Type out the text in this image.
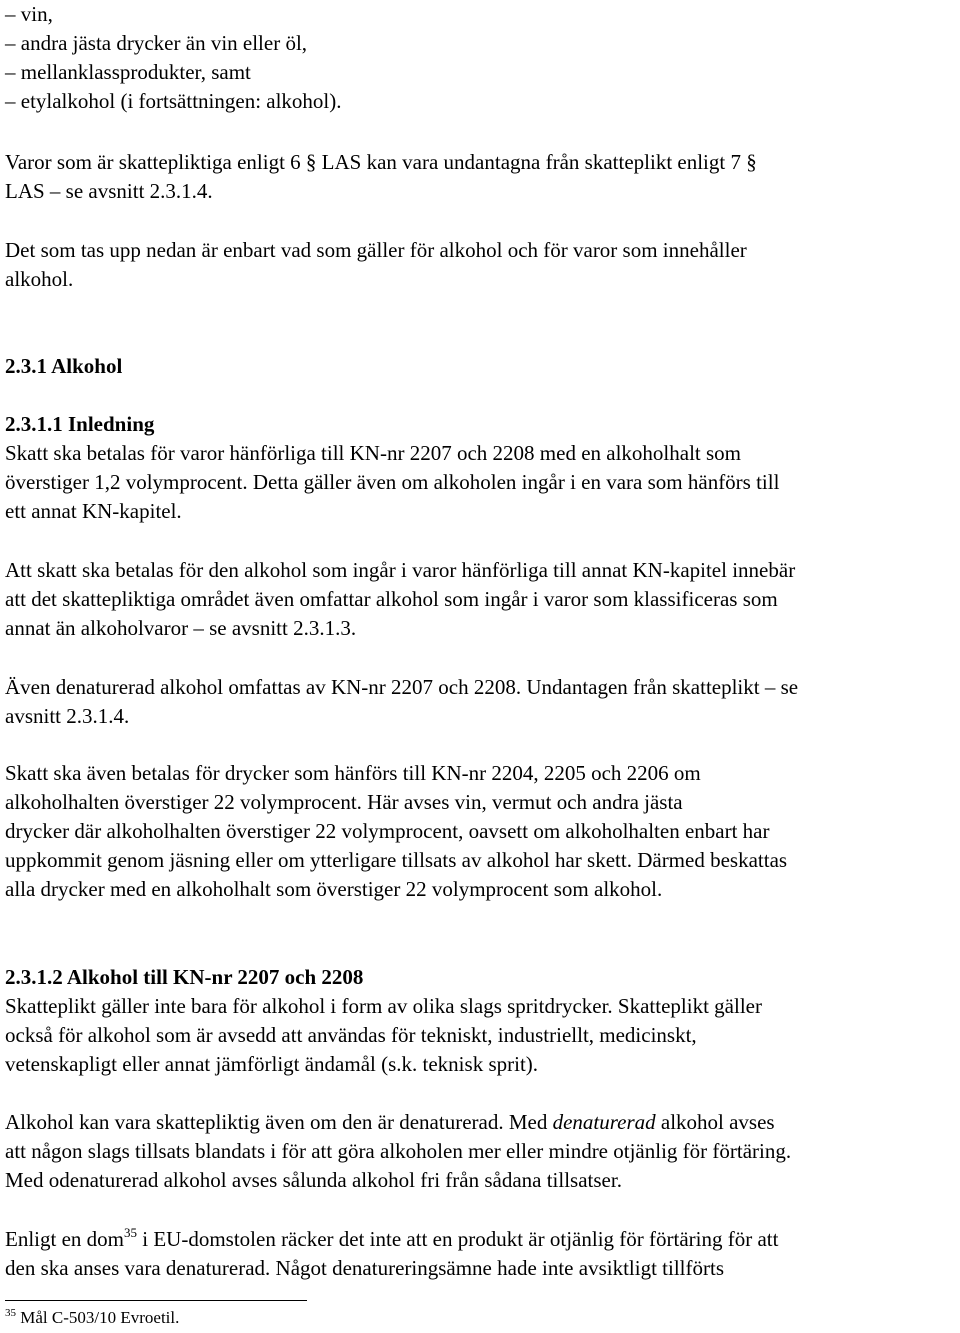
– vin,

– andra jästa drycker än vin eller öl,

– mellanklassprodukter, samt

– etylalkohol (i fortsättningen: alkohol).

Varor som är skattepliktiga enligt 6 § LAS kan vara undantagna från skatteplikt enligt 7 §

LAS – se avsnitt 2.3.1.4.

Det som tas upp nedan är enbart vad som gäller för alkohol och för varor som innehåller

alkohol.

2.3.1 Alkohol

2.3.1.1 Inledning

Skatt ska betalas för varor hänförliga till KN-nr 2207 och 2208 med en alkoholhalt som

överstiger 1,2 volymprocent. Detta gäller även om alkoholen ingår i en vara som hänförs till

ett annat KN-kapitel.

Att skatt ska betalas för den alkohol som ingår i varor hänförliga till annat KN-kapitel innebär

att det skattepliktiga området även omfattar alkohol som ingår i varor som klassificeras som

annat än alkoholvaror – se avsnitt 2.3.1.3.

Även denaturerad alkohol omfattas av KN-nr 2207 och 2208. Undantagen från skatteplikt – se

avsnitt 2.3.1.4.

Skatt ska även betalas för drycker som hänförs till KN-nr 2204, 2205 och 2206 om

alkoholhalten överstiger 22 volymprocent. Här avses vin, vermut och andra jästa

drycker där alkoholhalten överstiger 22 volymprocent, oavsett om alkoholhalten enbart har

uppkommit genom jäsning eller om ytterligare tillsats av alkohol har skett. Därmed beskattas

alla drycker med en alkoholhalt som överstiger 22 volymprocent som alkohol.

2.3.1.2 Alkohol till KN-nr 2207 och 2208

Skatteplikt gäller inte bara för alkohol i form av olika slags spritdrycker. Skatteplikt gäller

också för alkohol som är avsedd att användas för tekniskt, industriellt, medicinskt,

vetenskapligt eller annat jämförligt ändamål (s.k. teknisk sprit).

Alkohol kan vara skattepliktig även om den är denaturerad. Med denaturerad alkohol avses

att någon slags tillsats blandats i för att göra alkoholen mer eller mindre otjänlig för förtäring.

Med odenaturerad alkohol avses sålunda alkohol fri från sådana tillsatser.

Enligt en dom$^{35}$ i EU-domstolen räcker det inte att en produkt är otjänlig för förtäring för att

den ska anses vara denaturerad. Något denatureringsämne hade inte avsiktligt tillförts

$^{35}$ Mål C-503/10 Evroetil.
